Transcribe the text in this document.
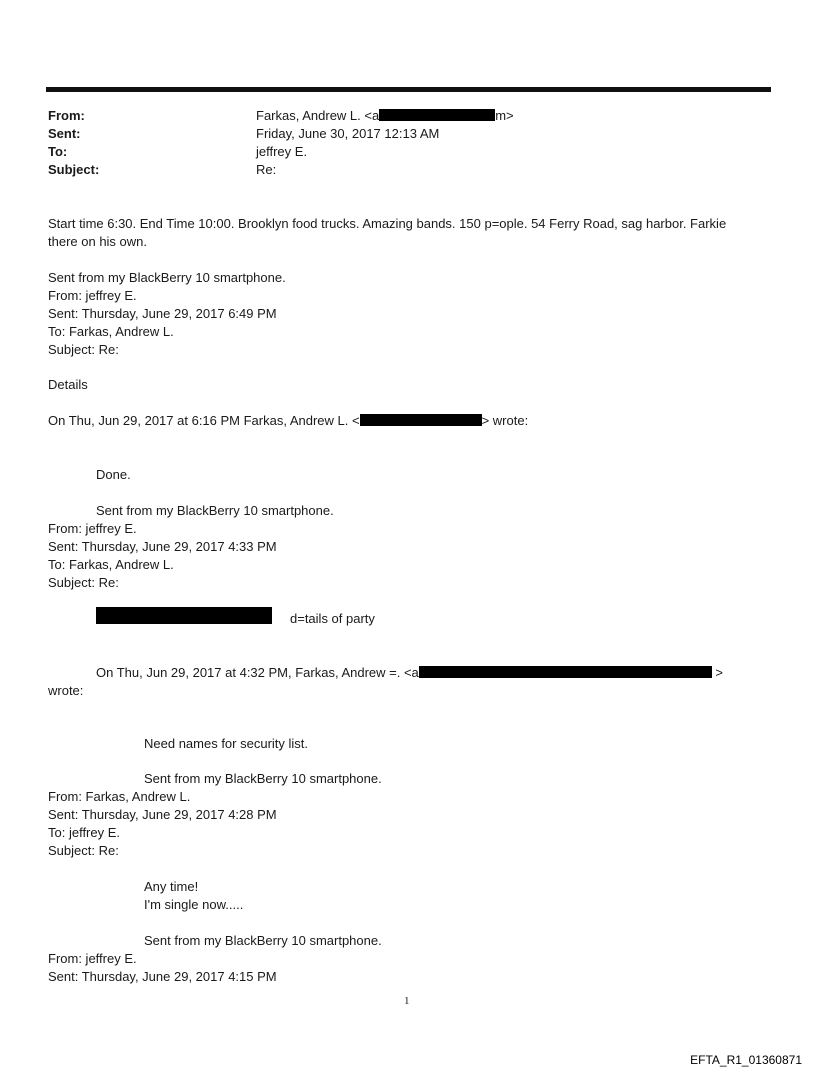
From:	Farkas, Andrew L. <a	m>
Sent:	Friday, June 30, 2017 12:13 AM
To:	jeffrey E.
Subject:	Re:
Start time 6:30. End Time 10:00. Brooklyn food trucks. Amazing bands. 150 p=ople. 54 Ferry Road, sag harbor. Farkie
there on his own.
Sent from my BlackBerry 10 smartphone.
From: jeffrey E.
Sent: Thursday, June 29, 2017 6:49 PM
To: Farkas, Andrew L.
Subject: Re:
Details
On Thu, Jun 29, 2017 at 6:16 PM Farkas, Andrew L. <	> wrote:
Done.
Sent from my BlackBerry 10 smartphone.
From: jeffrey E.
Sent: Thursday, June 29, 2017 4:33 PM
To: Farkas, Andrew L.
Subject: Re:
d=tails of party
On Thu, Jun 29, 2017 at 4:32 PM, Farkas, Andrew =. <a	>
wrote:
Need names for security list.
Sent from my BlackBerry 10 smartphone.
From: Farkas, Andrew L.
Sent: Thursday, June 29, 2017 4:28 PM
To: jeffrey E.
Subject: Re:
Any time!
I'm single now.....
Sent from my BlackBerry 10 smartphone.
From: jeffrey E.
Sent: Thursday, June 29, 2017 4:15 PM
1
EFTA_R1_01360871
